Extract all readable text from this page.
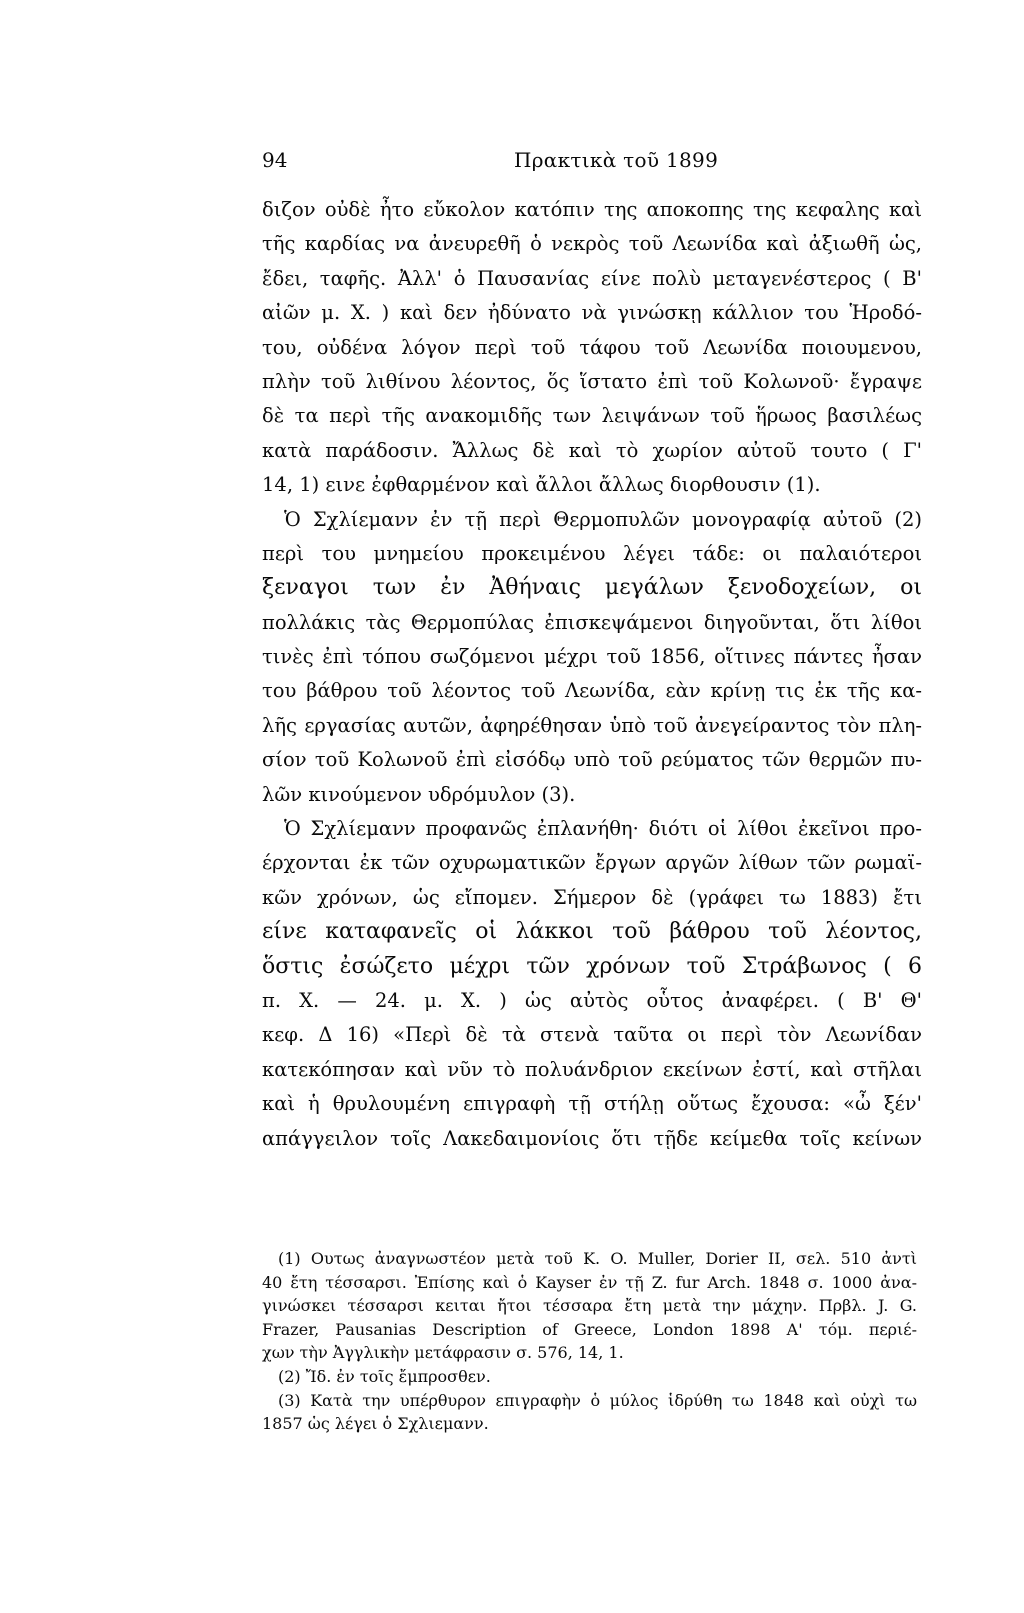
94	Πρακτικὰ τοῦ 1899
διζον οὐδὲ ἦτο εὔκολον κατόπιν της αποκοπης της κεφαλης καὶ
τῆς καρδίας να ἀνευρεθῆ ὁ νεκρὸς τοῦ Λεωνίδα καὶ ἀξιωθῆ ὡς,
ἔδει, ταφῆς. Ἀλλ' ὁ Παυσανίας είνε πολὺ μεταγενέστερος ( Β'
αἰῶν μ. Χ. ) καὶ δεν ἠδύνατο νὰ γινώσκῃ κάλλιον του Ἡροδό-
του, οὐδένα λόγον περὶ τοῦ τάφου τοῦ Λεωνίδα ποιουμενου,
πλὴν τοῦ λιθίνου λέοντος, ὅς ἵστατο ἐπὶ τοῦ Κολωνοῦ· ἔγραψε
δὲ τα περὶ τῆς ανακομιδῆς των λειψάνων τοῦ ἥρωος βασιλέως
κατὰ παράδοσιν. Ἄλλως δὲ καὶ τὸ χωρίον αὐτοῦ τουτο ( Γ'
14, 1) εινε ἐφθαρμένον καὶ ἄλλοι ἄλλως διορθουσιν (1).
Ὁ Σχλίεμανν ἐν τῇ περὶ Θερμοπυλῶν μονογραφίᾳ αὐτοῦ (2)
περὶ του μνημείου προκειμένου λέγει τάδε: οι παλαιότεροι
ξεναγοι των ἐν Ἀθήναις μεγάλων ξενοδοχείων, οι
πολλάκις τὰς Θερμοπύλας ἐπισκεψάμενοι διηγοῦνται, ὅτι λίθοι
τινὲς ἐπὶ τόπου σωζόμενοι μέχρι τοῦ 1856, οἵτινες πάντες ἦσαν
του βάθρου τοῦ λέοντος τοῦ Λεωνίδα, εὰν κρίνῃ τις ἐκ τῆς κα-
λῆς εργασίας αυτῶν, ἀφηρέθησαν ὑπὸ τοῦ ἀνεγείραντος τὸν πλη-
σίον τοῦ Κολωνοῦ ἐπὶ εἰσόδῳ υπὸ τοῦ ρεύματος τῶν θερμῶν πυ-
λῶν κινούμενον υδρόμυλον (3).
Ὁ Σχλίεμανν προφανῶς ἐπλανήθη· διότι οἱ λίθοι ἐκεῖνοι προ-
έρχονται ἐκ τῶν οχυρωματικῶν ἔργων αργῶν λίθων τῶν ρωμαϊ-
κῶν χρόνων, ὡς εἴπομεν. Σήμερον δὲ (γράφει τω 1883) ἔτι
είνε καταφανεῖς οἱ λάκκοι τοῦ βάθρου τοῦ λέοντος,
ὅστις ἐσώζετο μέχρι τῶν χρόνων τοῦ Στράβωνος ( 6
π. Χ. — 24. μ. Χ. ) ὡς αὐτὸς οὗτος ἀναφέρει. ( Β' Θ'
κεφ. Δ 16) «Περὶ δὲ τὰ στενὰ ταῦτα οι περὶ τὸν Λεωνίδαν
κατεκόπησαν καὶ νῦν τὸ πολυάνδριον εκείνων ἐστί, καὶ στῆλαι
καὶ ἡ θρυλουμένη επιγραφὴ τῇ στήλῃ οὕτως ἔχουσα: «ὦ ξέν'
απάγγειλον τοῖς Λακεδαιμονίοις ὅτι τῇδε κείμεθα τοῖς κείνων
(1) Ουτως ἀναγνωστέον μετὰ τοῦ K. O. Muller, Dorier II, σελ. 510 ἀντὶ
40 ἔτη τέσσαρσι. Ἐπίσης καὶ ὁ Kayser ἐν τῇ Z. fur Arch. 1848 σ. 1000 ἀνα-
γινώσκει τέσσαρσι κειται ἤτοι τέσσαρα ἔτη μετὰ την μάχην. Πρβλ. J. G.
Frazer, Pausanias Description of Greece, London 1898 A' τόμ. περιέ-
χων τὴν Ἀγγλικὴν μετάφρασιν σ. 576, 14, 1.
(2) Ἴδ. ἐν τοῖς ἔμπροσθεν.
(3) Κατὰ την υπέρθυρον επιγραφὴν ὁ μύλος ἱδρύθη τω 1848 καὶ οὐχὶ τω
1857 ὡς λέγει ὁ Σχλιεμανν.
